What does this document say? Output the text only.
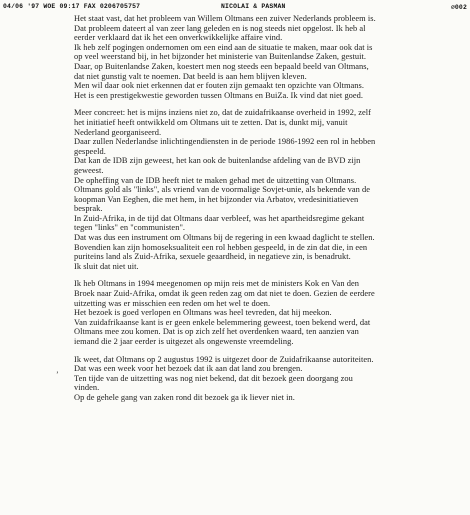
04/06 '97 WOE 09:17 FAX 0206705757	NICOLAI & PASMAN	∅002
’
Het staat vast, dat het probleem van Willem Oltmans een zuiver Nederlands probleem is.
Dat probleem dateert al van zeer lang geleden en is nog steeds niet opgelost. Ik heb al
eerder verklaard dat ik het een onverkwikkelijke affaire vind.
Ik heb zelf pogingen ondernomen om een eind aan de situatie te maken, maar ook dat is
op veel weerstand bij, in het bijzonder het ministerie van Buitenlandse Zaken, gestuit.
Daar, op Buitenlandse Zaken, koestert men nog steeds een bepaald beeld van Oltmans,
dat niet gunstig valt te noemen. Dat beeld is aan hem blijven kleven.
Men wil daar ook niet erkennen dat er fouten zijn gemaakt ten opzichte van Oltmans.
Het is een prestigekwestie geworden tussen Oltmans en BuiZa. Ik vind dat niet goed.
Meer concreet: het is mijns inziens niet zo, dat de zuidafrikaanse overheid in 1992, zelf
het initiatief heeft ontwikkeld om Oltmans uit te zetten. Dat is, dunkt mij, vanuit
Nederland georganiseerd.
Daar zullen Nederlandse inlichtingendiensten in de periode 1986-1992 een rol in hebben
gespeeld.
Dat kan de IDB zijn geweest, het kan ook de buitenlandse afdeling van de BVD zijn
geweest.
De opheffing van de IDB heeft niet te maken gehad met de uitzetting van Oltmans.
Oltmans gold als "links", als vriend van de voormalige Sovjet-unie, als bekende van de
koopman Van Eeghen, die met hem, in het bijzonder via Arbatov, vredesinitiatieven
besprak.
In Zuid-Afrika, in de tijd dat Oltmans daar verbleef, was het apartheidsregime gekant
tegen "links" en "communisten".
Dat was dus een instrument om Oltmans bij de regering in een kwaad daglicht te stellen.
Bovendien kan zijn homoseksualiteit een rol hebben gespeeld, in de zin dat die, in een
puriteins land als Zuid-Afrika, sexuele geaardheid, in negatieve zin, is benadrukt.
Ik sluit dat niet uit.
Ik heb Oltmans in 1994 meegenomen op mijn reis met de ministers Kok en Van den
Broek naar Zuid-Afrika, omdat ik geen reden zag om dat niet te doen. Gezien de eerdere
uitzetting was er misschien een reden om het wel te doen.
Het bezoek is goed verlopen en Oltmans was heel tevreden, dat hij meekon.
Van zuidafrikaanse kant is er geen enkele belemmering geweest, toen bekend werd, dat
Oltmans mee zou komen. Dat is op zich zelf het overdenken waard, ten aanzien van
iemand die 2 jaar eerder is uitgezet als ongewenste vreemdeling.
Ik weet, dat Oltmans op 2 augustus 1992 is uitgezet door de Zuidafrikaanse autoriteiten.
Dat was een week voor het bezoek dat ik aan dat land zou brengen.
Ten tijde van de uitzetting was nog niet bekend, dat dit bezoek geen doorgang zou
vinden.
Op de gehele gang van zaken rond dit bezoek ga ik liever niet in.
